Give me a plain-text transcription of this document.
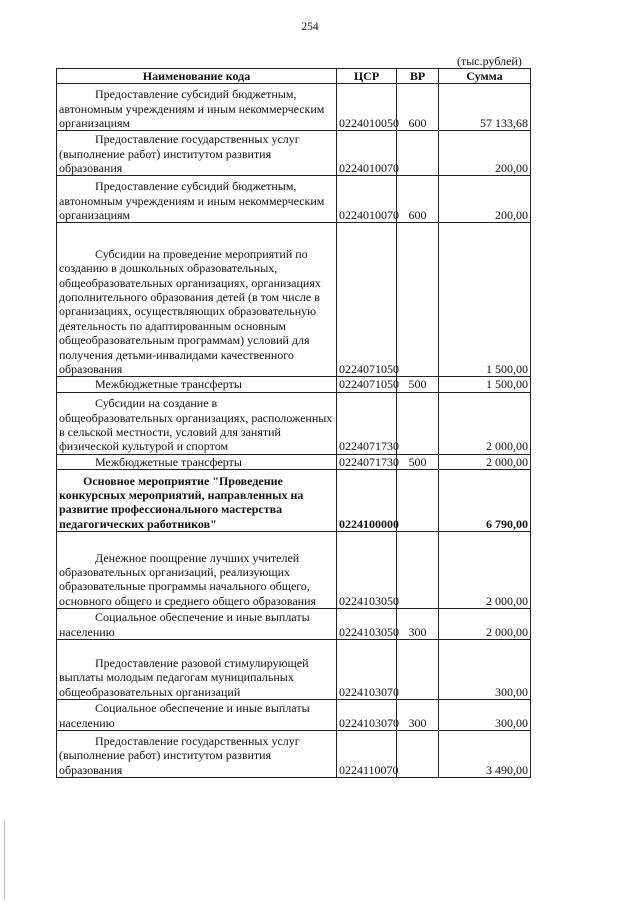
254
(тыс.рублей)
Наименование кода	ЦСР	ВР	Сумма
Предоставление субсидий бюджетным, автономным учреждениям и иным некоммерческим организациям	0224010050	600	57 133,68
Предоставление государственных услуг (выполнение работ) институтом развития образования	0224010070		200,00
Предоставление субсидий бюджетным, автономным учреждениям и иным некоммерческим организациям	0224010070	600	200,00
Субсидии на проведение мероприятий по созданию в дошкольных образовательных, общеобразовательных организациях, организациях дополнительного образования детей (в том числе в организациях, осуществляющих образовательную деятельность по адаптированным основным общеобразовательным программам) условий для получения детьми-инвалидами качественного образования	0224071050		1 500,00
Межбюджетные трансферты	0224071050	500	1 500,00
Субсидии на создание в общеобразовательных организациях, расположенных в сельской местности, условий для занятий физической культурой и спортом	0224071730		2 000,00
Межбюджетные трансферты	0224071730	500	2 000,00
Основное мероприятие "Проведение конкурсных мероприятий, направленных на развитие профессионального мастерства педагогических работников"	0224100000		6 790,00
Денежное поощрение лучших учителей образовательных организаций, реализующих образовательные программы начального общего, основного общего и среднего общего образования	0224103050		2 000,00
Социальное обеспечение и иные выплаты населению	0224103050	300	2 000,00
Предоставление разовой стимулирующей выплаты молодым педагогам муниципальных общеобразовательных организаций	0224103070		300,00
Социальное обеспечение и иные выплаты населению	0224103070	300	300,00
Предоставление государственных услуг (выполнение работ) институтом развития образования	0224110070		3 490,00
